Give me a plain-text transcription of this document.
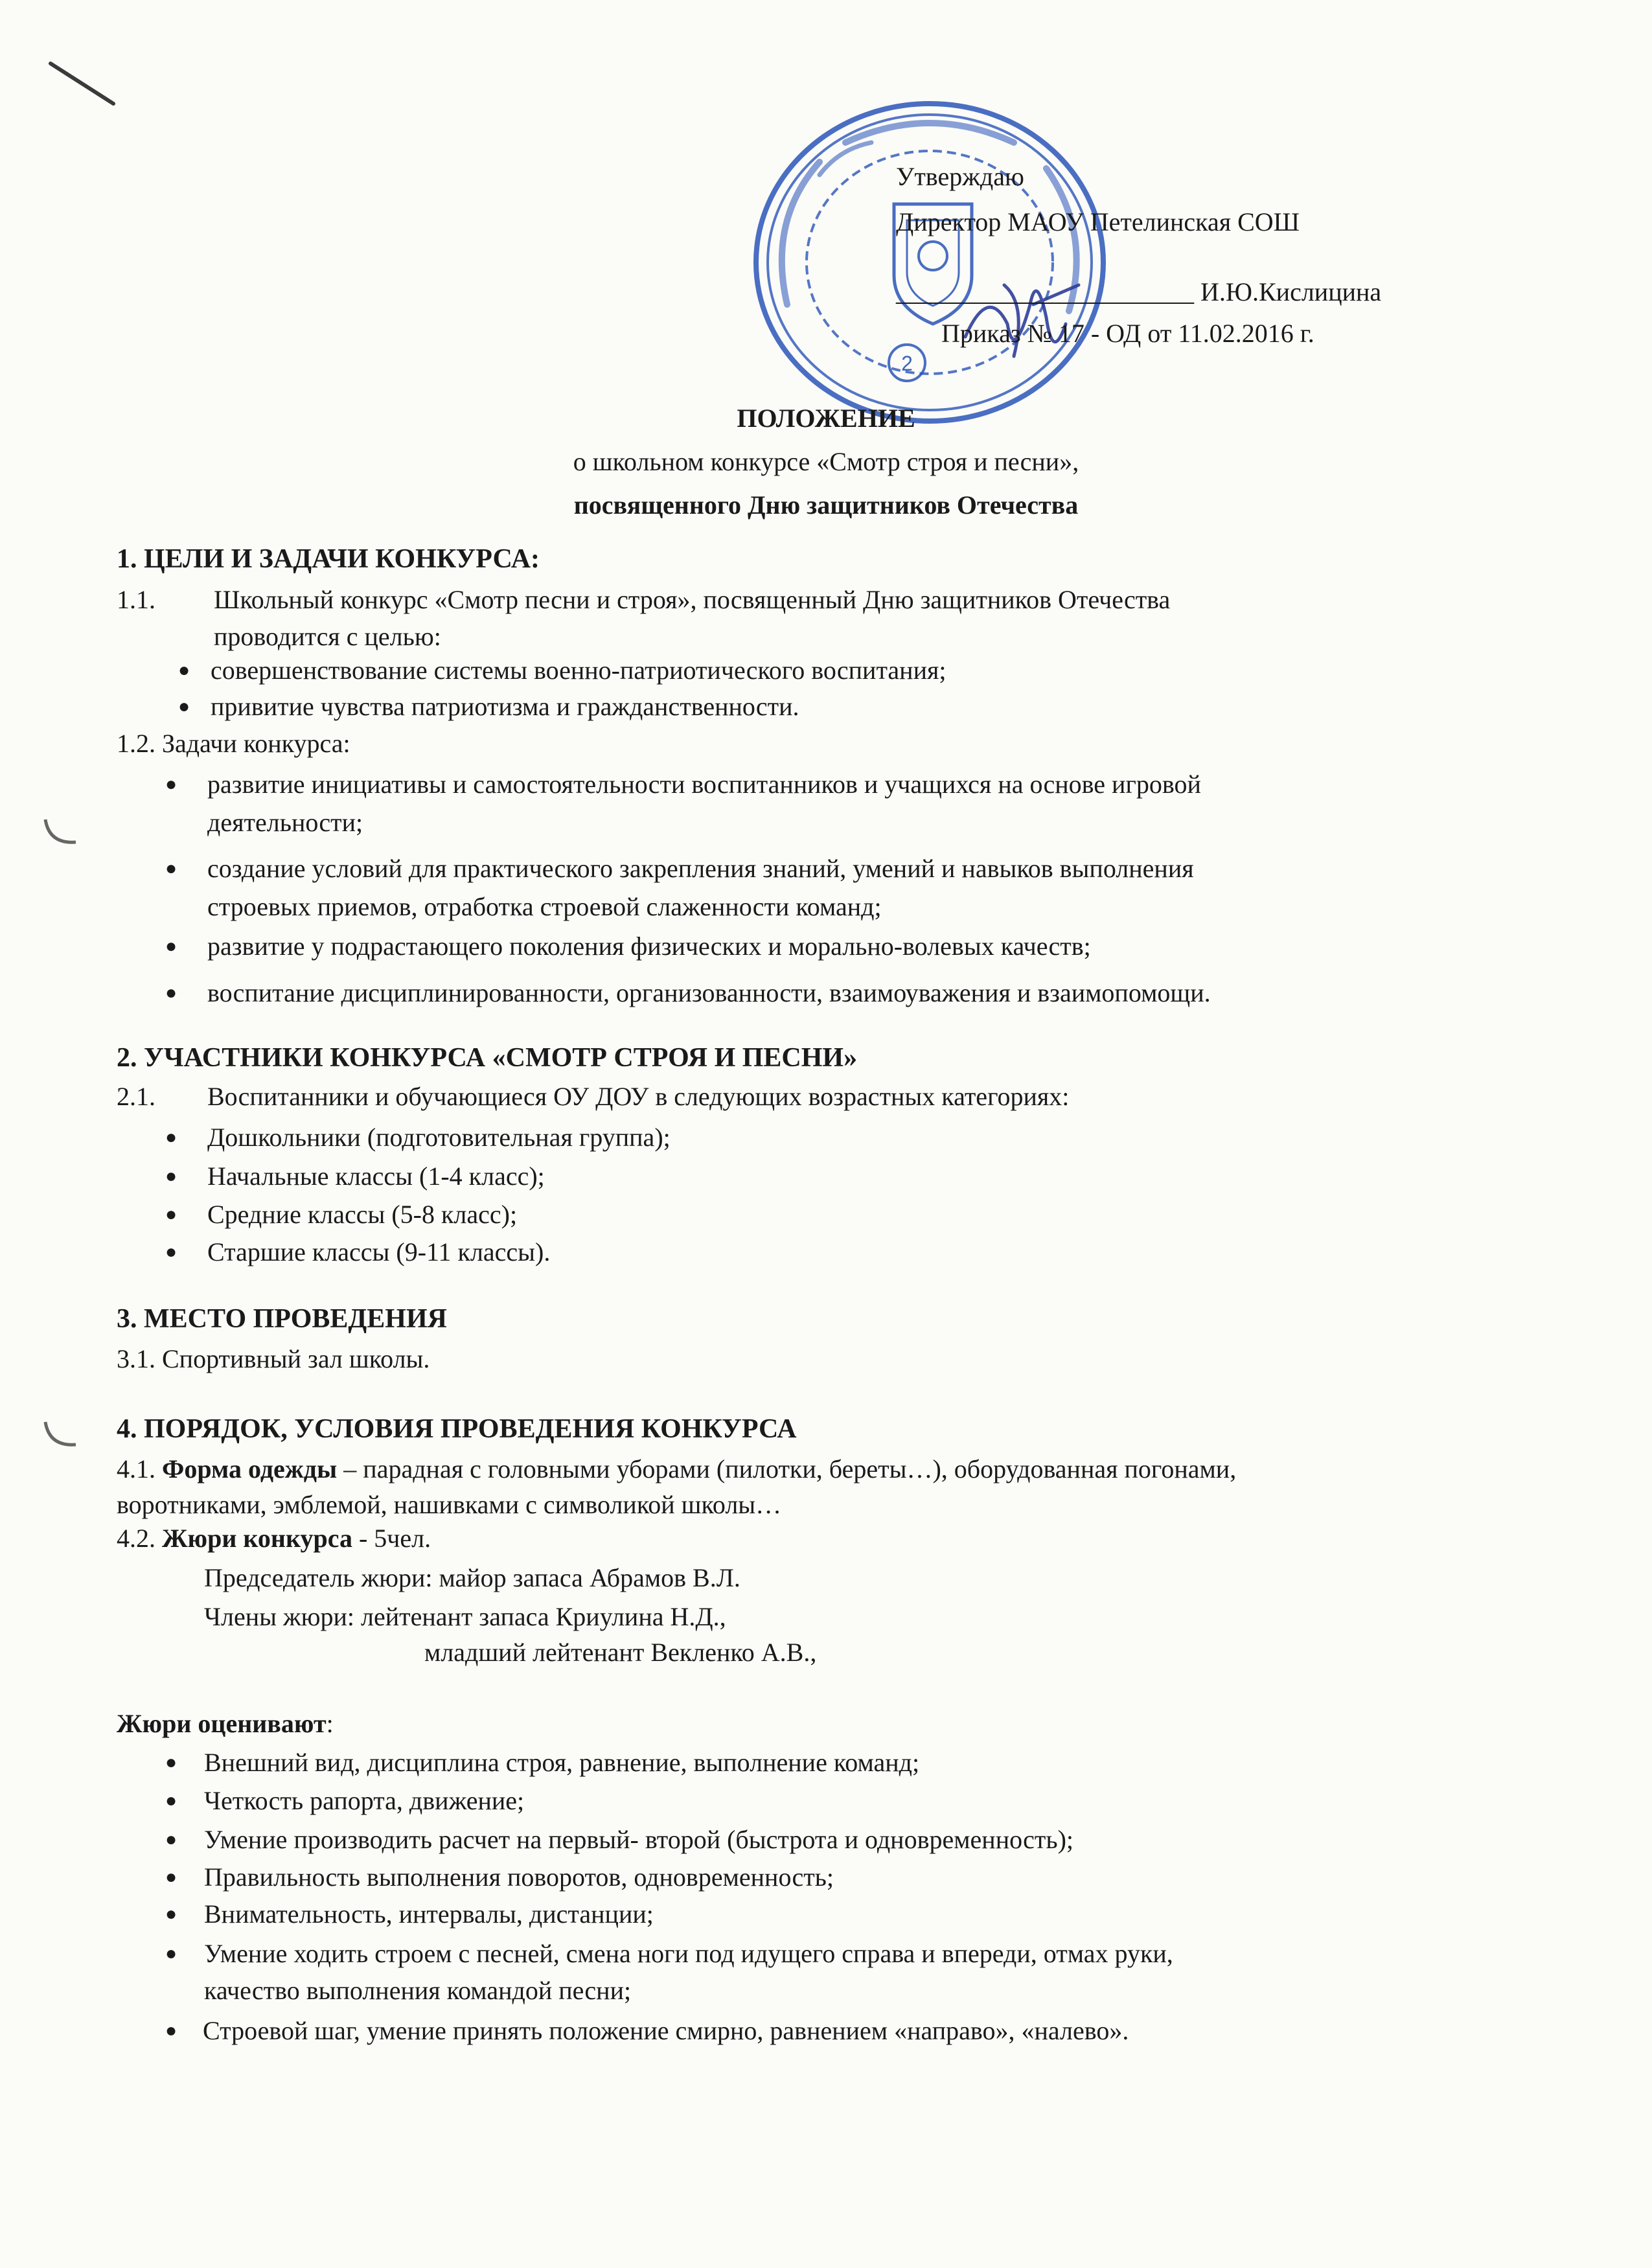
2
Утверждаю
Директор МАОУ Петелинская СОШ
_______________________ И.Ю.Кислицина
Приказ № 17 - ОД от 11.02.2016 г.
ПОЛОЖЕНИЕ
о школьном конкурсе «Смотр строя и песни»,
посвященного Дню защитников Отечества
1. ЦЕЛИ И ЗАДАЧИ КОНКУРСА:
1.1. Школьный конкурс «Смотр песни и строя», посвященный Дню защитников Отечества
проводится с целью:
● совершенствование системы военно-патриотического воспитания;
● привитие чувства патриотизма и гражданственности.
1.2. Задачи конкурса:
● развитие инициативы и самостоятельности воспитанников и учащихся на основе игровой
деятельности;
● создание условий для практического закрепления знаний, умений и навыков выполнения
строевых приемов, отработка строевой слаженности команд;
● развитие у подрастающего поколения физических и морально-волевых качеств;
● воспитание дисциплинированности, организованности, взаимоуважения и взаимопомощи.
2. УЧАСТНИКИ КОНКУРСА «СМОТР СТРОЯ И ПЕСНИ»
2.1. Воспитанники и обучающиеся ОУ ДОУ в следующих возрастных категориях:
● Дошкольники (подготовительная группа);
● Начальные классы (1-4 класс);
● Средние классы (5-8 класс);
● Старшие классы (9-11 классы).
3. МЕСТО ПРОВЕДЕНИЯ
3.1. Спортивный зал школы.
4. ПОРЯДОК, УСЛОВИЯ ПРОВЕДЕНИЯ КОНКУРСА
4.1. Форма одежды – парадная с головными уборами (пилотки, береты…), оборудованная погонами,
воротниками, эмблемой, нашивками с символикой школы…
4.2. Жюри конкурса - 5чел.
Председатель жюри: майор запаса Абрамов В.Л.
Члены жюри: лейтенант запаса Криулина Н.Д.,
младший лейтенант Векленко А.В.,
Жюри оценивают:
● Внешний вид, дисциплина строя, равнение, выполнение команд;
● Четкость рапорта, движение;
● Умение производить расчет на первый- второй (быстрота и одновременность);
● Правильность выполнения поворотов, одновременность;
● Внимательность, интервалы, дистанции;
● Умение ходить строем с песней, смена ноги под идущего справа и впереди, отмах руки,
качество выполнения командой песни;
● Строевой шаг, умение принять положение смирно, равнением «направо», «налево».
